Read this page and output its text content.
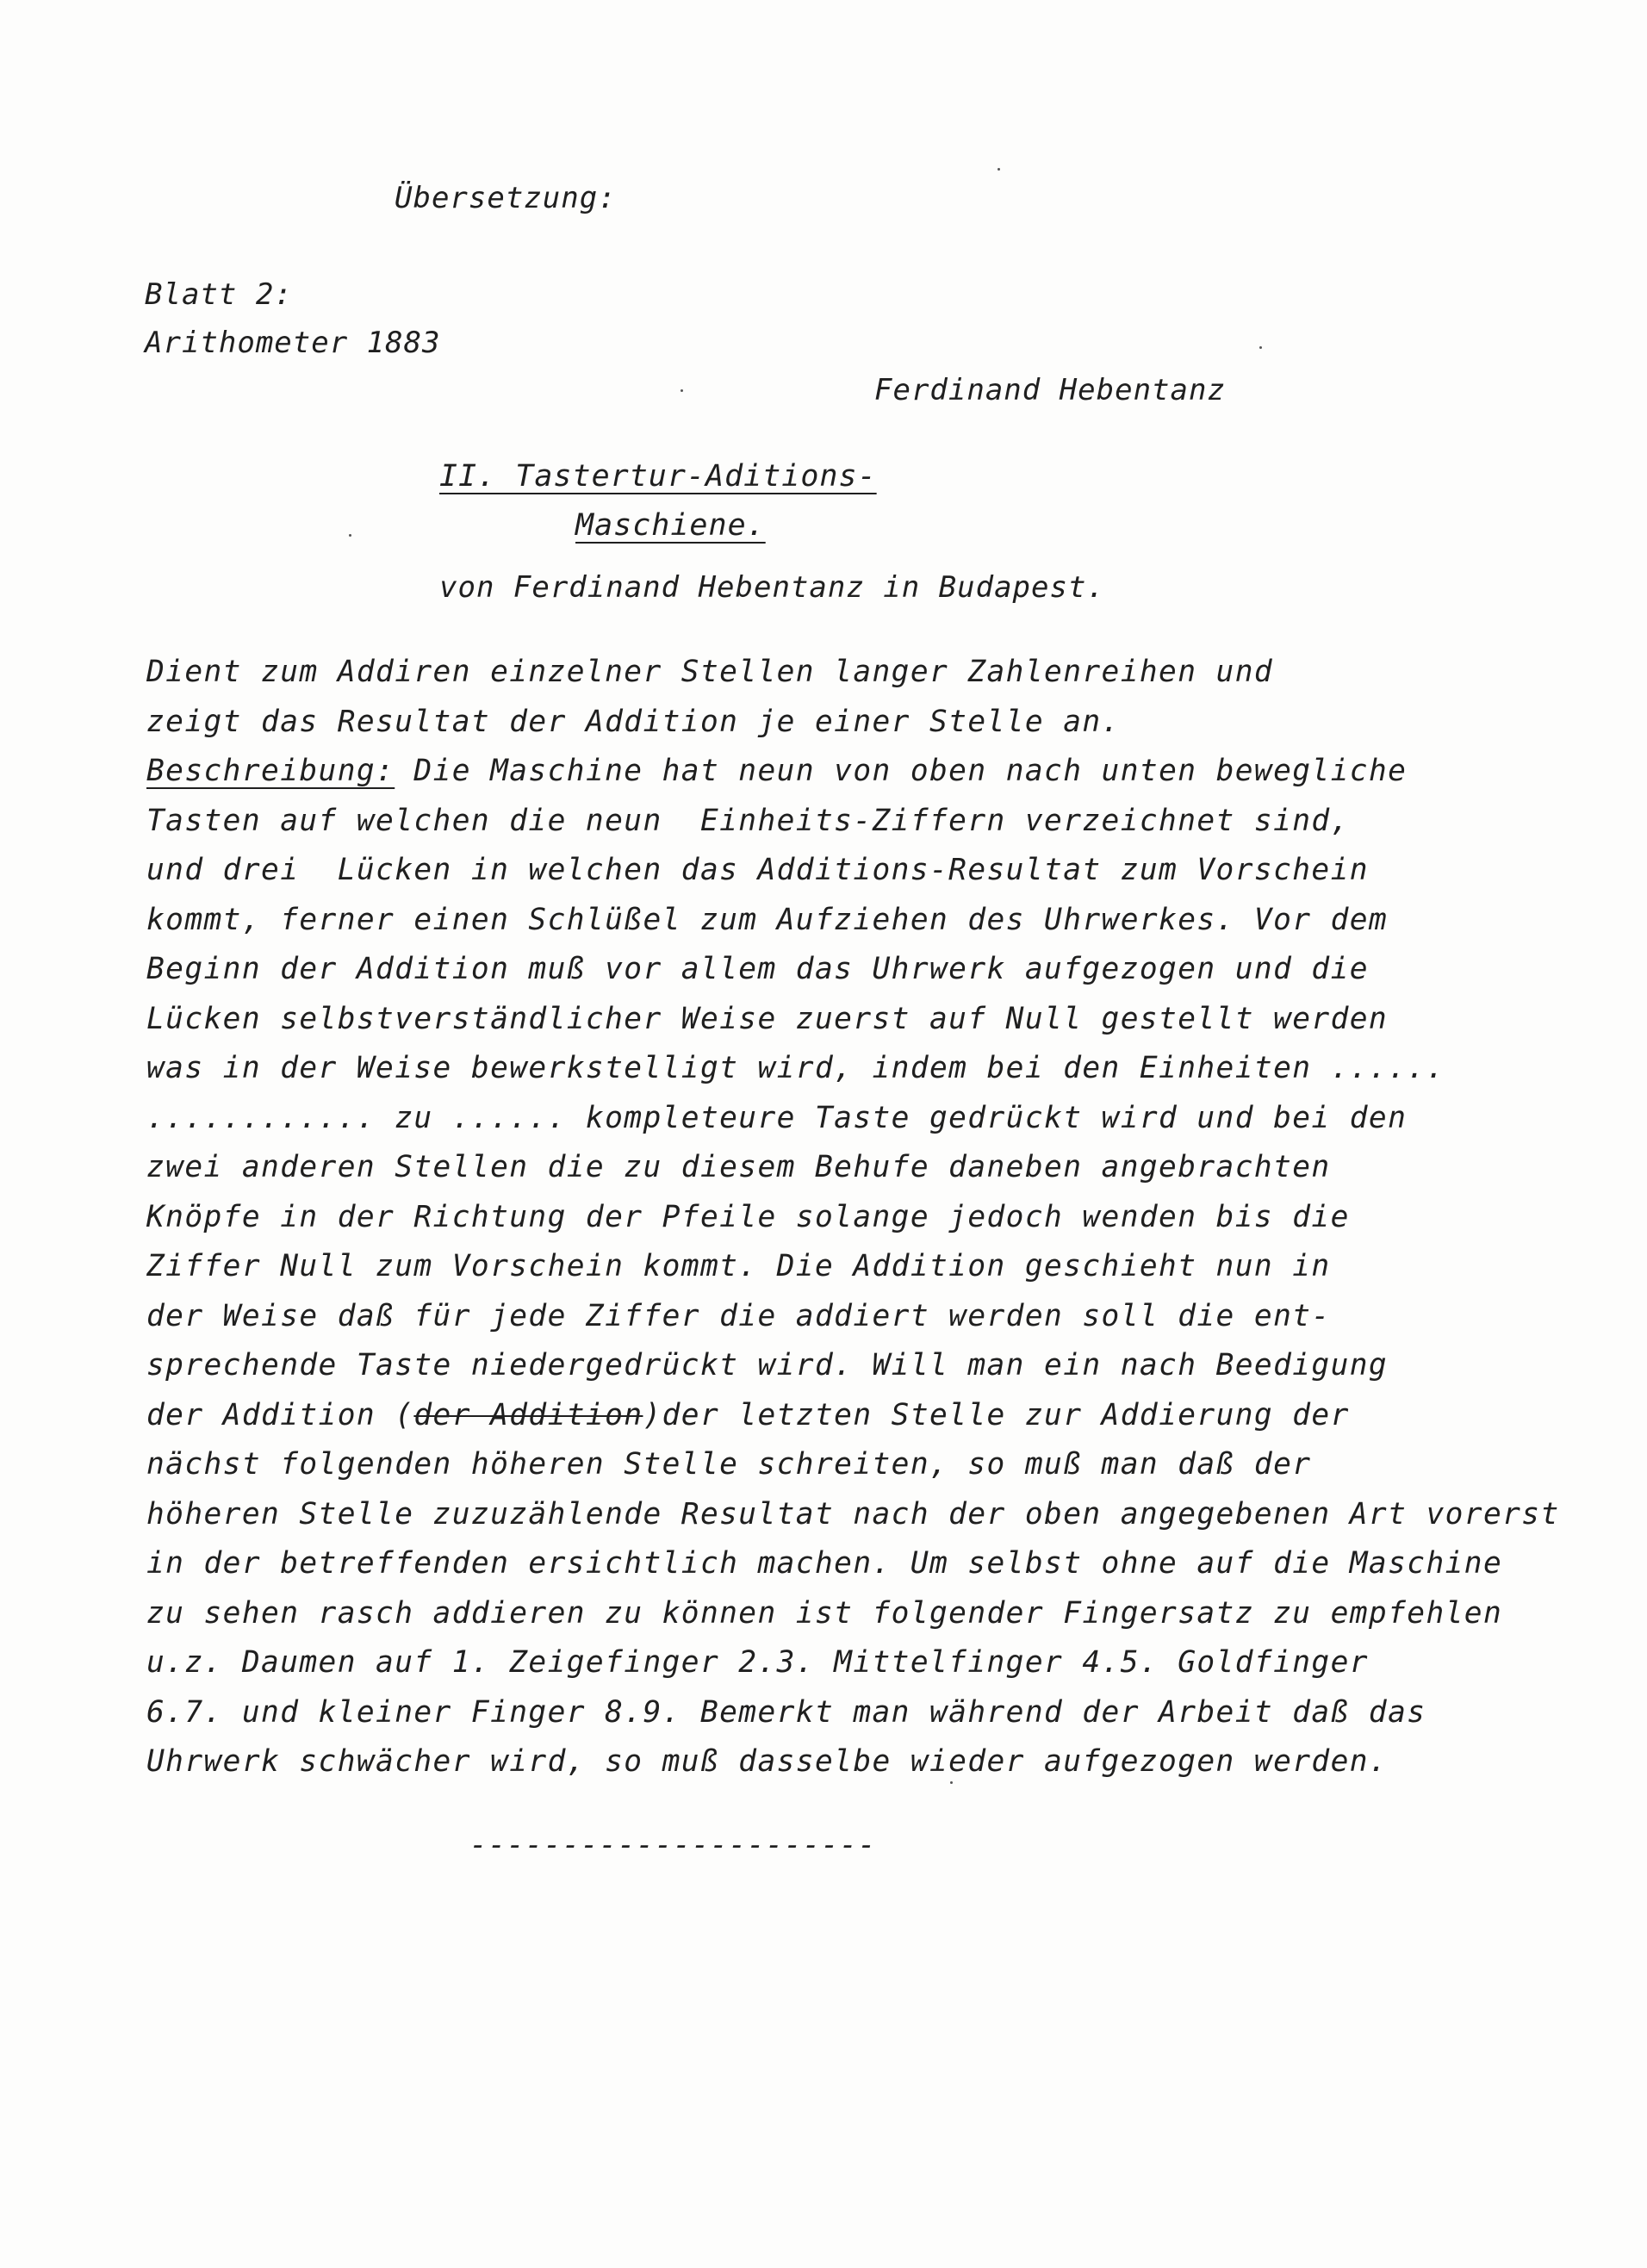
Übersetzung:
Blatt 2:
Arithometer 1883
Ferdinand Hebentanz
II. Tastertur-Aditions-
Maschiene.
von Ferdinand Hebentanz in Budapest.
Dient zum Addiren einzelner Stellen langer Zahlenreihen und
zeigt das Resultat der Addition je einer Stelle an.
Beschreibung: Die Maschine hat neun von oben nach unten bewegliche
Tasten auf welchen die neun  Einheits-Ziffern verzeichnet sind,
und drei  Lücken in welchen das Additions-Resultat zum Vorschein
kommt, ferner einen Schlüßel zum Aufziehen des Uhrwerkes. Vor dem
Beginn der Addition muß vor allem das Uhrwerk aufgezogen und die
Lücken selbstverständlicher Weise zuerst auf Null gestellt werden
was in der Weise bewerkstelligt wird, indem bei den Einheiten ......
............ zu ...... kompleteure Taste gedrückt wird und bei den
zwei anderen Stellen die zu diesem Behufe daneben angebrachten
Knöpfe in der Richtung der Pfeile solange jedoch wenden bis die
Ziffer Null zum Vorschein kommt. Die Addition geschieht nun in
der Weise daß für jede Ziffer die addiert werden soll die ent-
sprechende Taste niedergedrückt wird. Will man ein nach Beedigung
der Addition (der Addition)der letzten Stelle zur Addierung der
nächst folgenden höheren Stelle schreiten, so muß man daß der
höheren Stelle zuzuzählende Resultat nach der oben angegebenen Art vorerst
in der betreffenden ersichtlich machen. Um selbst ohne auf die Maschine
zu sehen rasch addieren zu können ist folgender Fingersatz zu empfehlen
u.z. Daumen auf 1. Zeigefinger 2.3. Mittelfinger 4.5. Goldfinger
6.7. und kleiner Finger 8.9. Bemerkt man während der Arbeit daß das
Uhrwerk schwächer wird, so muß dasselbe wieder aufgezogen werden.
----------------------
